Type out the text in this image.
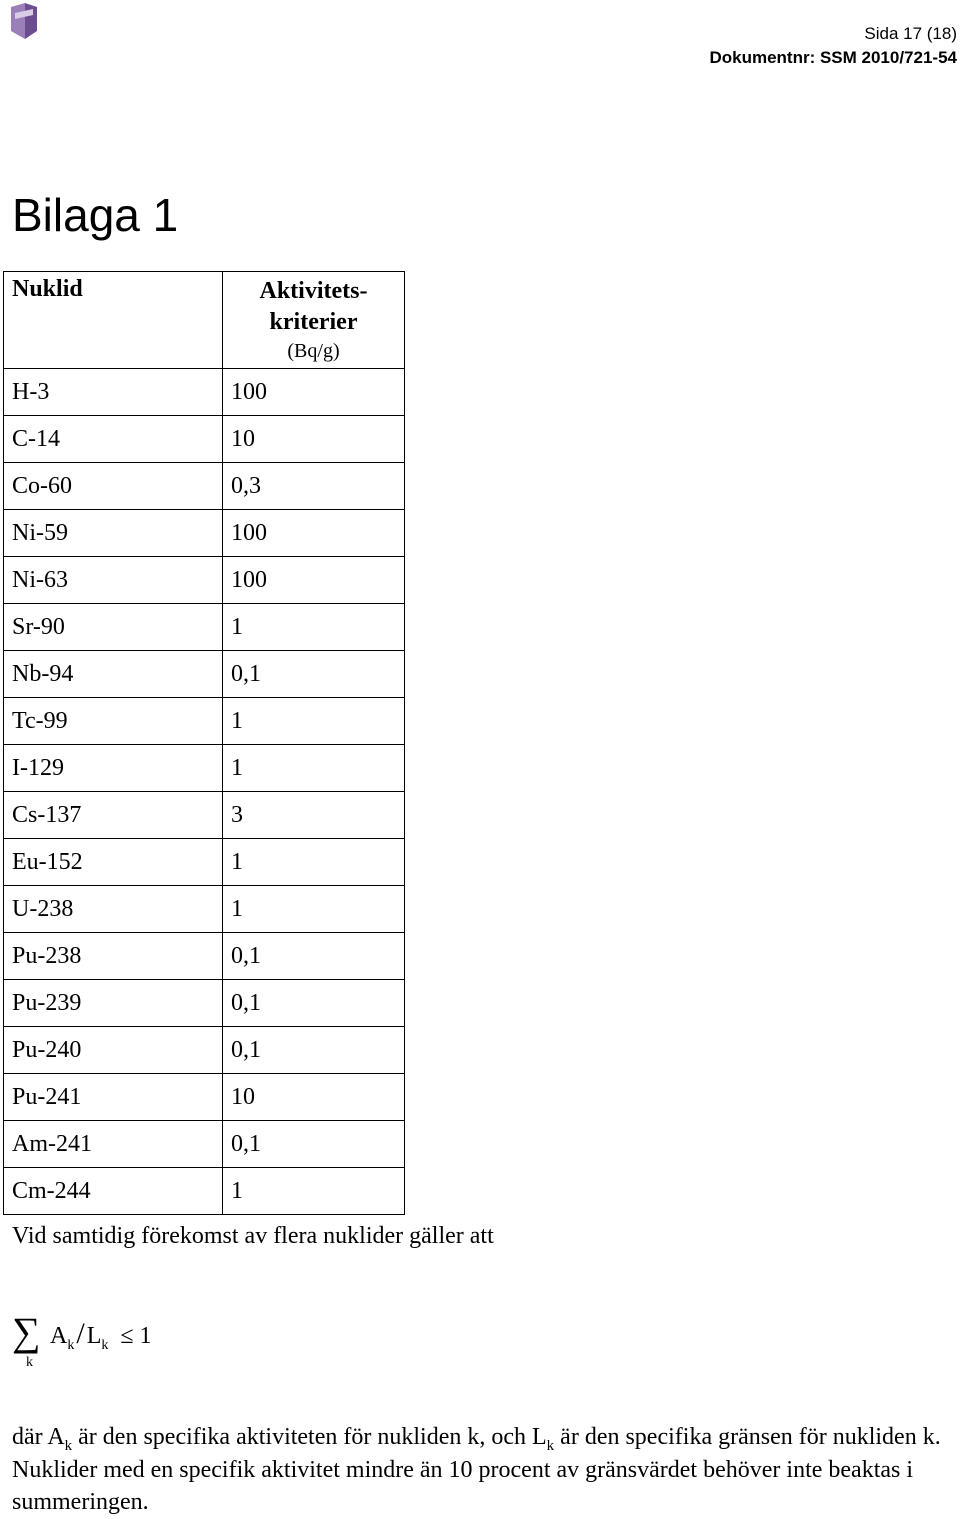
Sida 17 (18)
Dokumentnr: SSM 2010/721-54
Bilaga 1
Nuklid	Aktivitets-
kriterier
(Bq/g)

H-3	100
C-14	10
Co-60	0,3
Ni-59	100
Ni-63	100
Sr-90	1
Nb-94	0,1
Tc-99	1
I-129	1
Cs-137	3
Eu-152	1
U-238	1
Pu-238	0,1
Pu-239	0,1
Pu-240	0,1
Pu-241	10
Am-241	0,1
Cm-244	1
Vid samtidig förekomst av flera nuklider gäller att
∑
k
$A_k/L_k \le 1$

där $A_k$ är den specifika aktiviteten för nukliden k, och $L_k$ är den specifika gränsen för nukliden k. Nuklider med en specifik aktivitet mindre än 10 procent av gränsvärdet behöver inte beaktas i summeringen.
